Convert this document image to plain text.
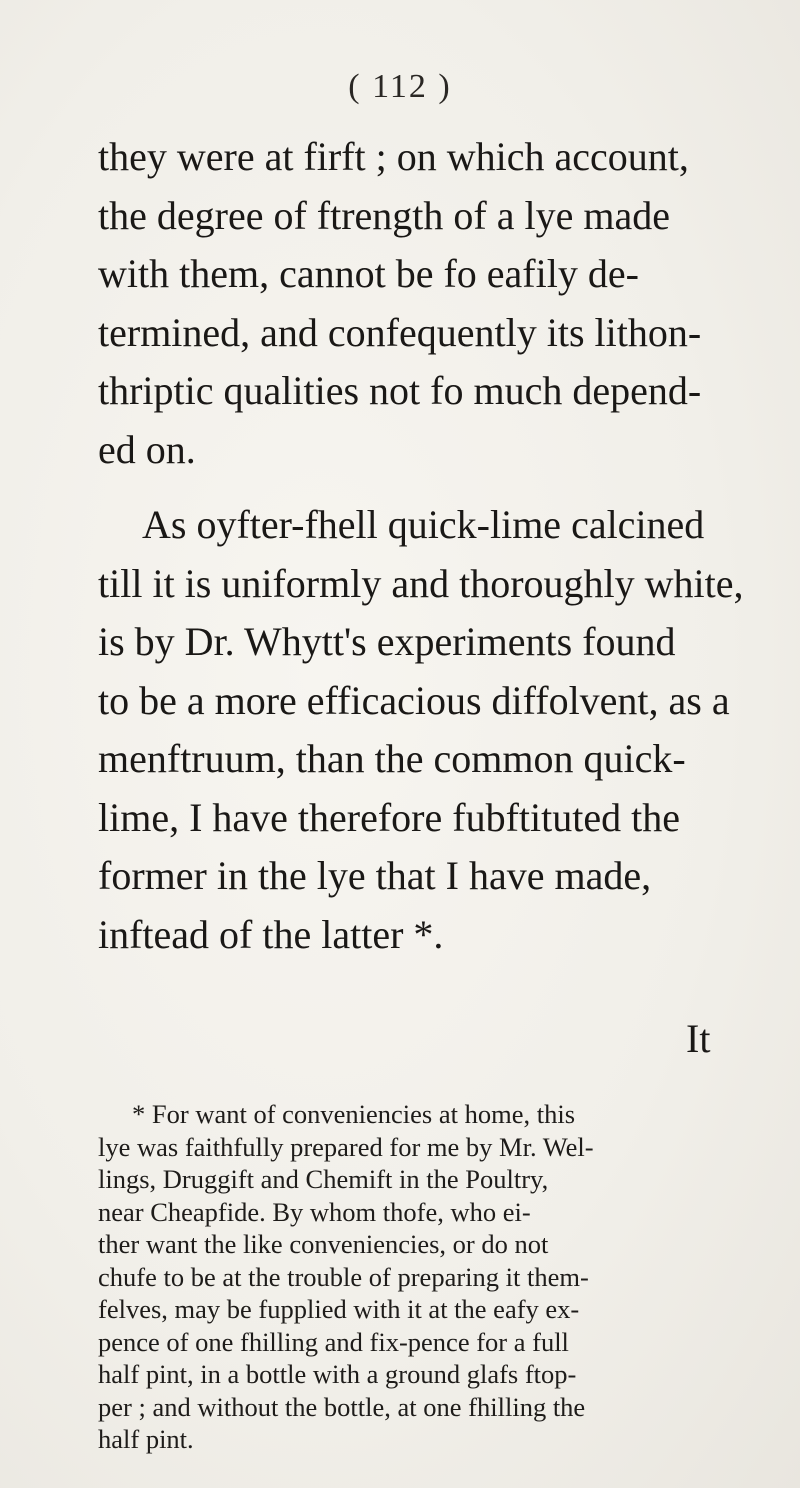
( 112 )

they were at firft ; on which account,
the degree of ftrength of a lye made
with them, cannot be fo eafily de-
termined, and confequently its lithon-
thriptic qualities not fo much depend-
ed on.

As oyfter-fhell quick-lime calcined
till it is uniformly and thoroughly white,
is by Dr. Whytt's experiments found
to be a more efficacious diffolvent, as a
menftruum, than the common quick-
lime, I have therefore fubftituted the
former in the lye that I have made,
inftead of the latter *.

It

* For want of conveniencies at home, this
lye was faithfully prepared for me by Mr. Wel-
lings, Druggift and Chemift in the Poultry,
near Cheapfide. By whom thofe, who ei-
ther want the like conveniencies, or do not
chufe to be at the trouble of preparing it them-
felves, may be fupplied with it at the eafy ex-
pence of one fhilling and fix-pence for a full
half pint, in a bottle with a ground glafs ftop-
per ; and without the bottle, at one fhilling the
half pint.
